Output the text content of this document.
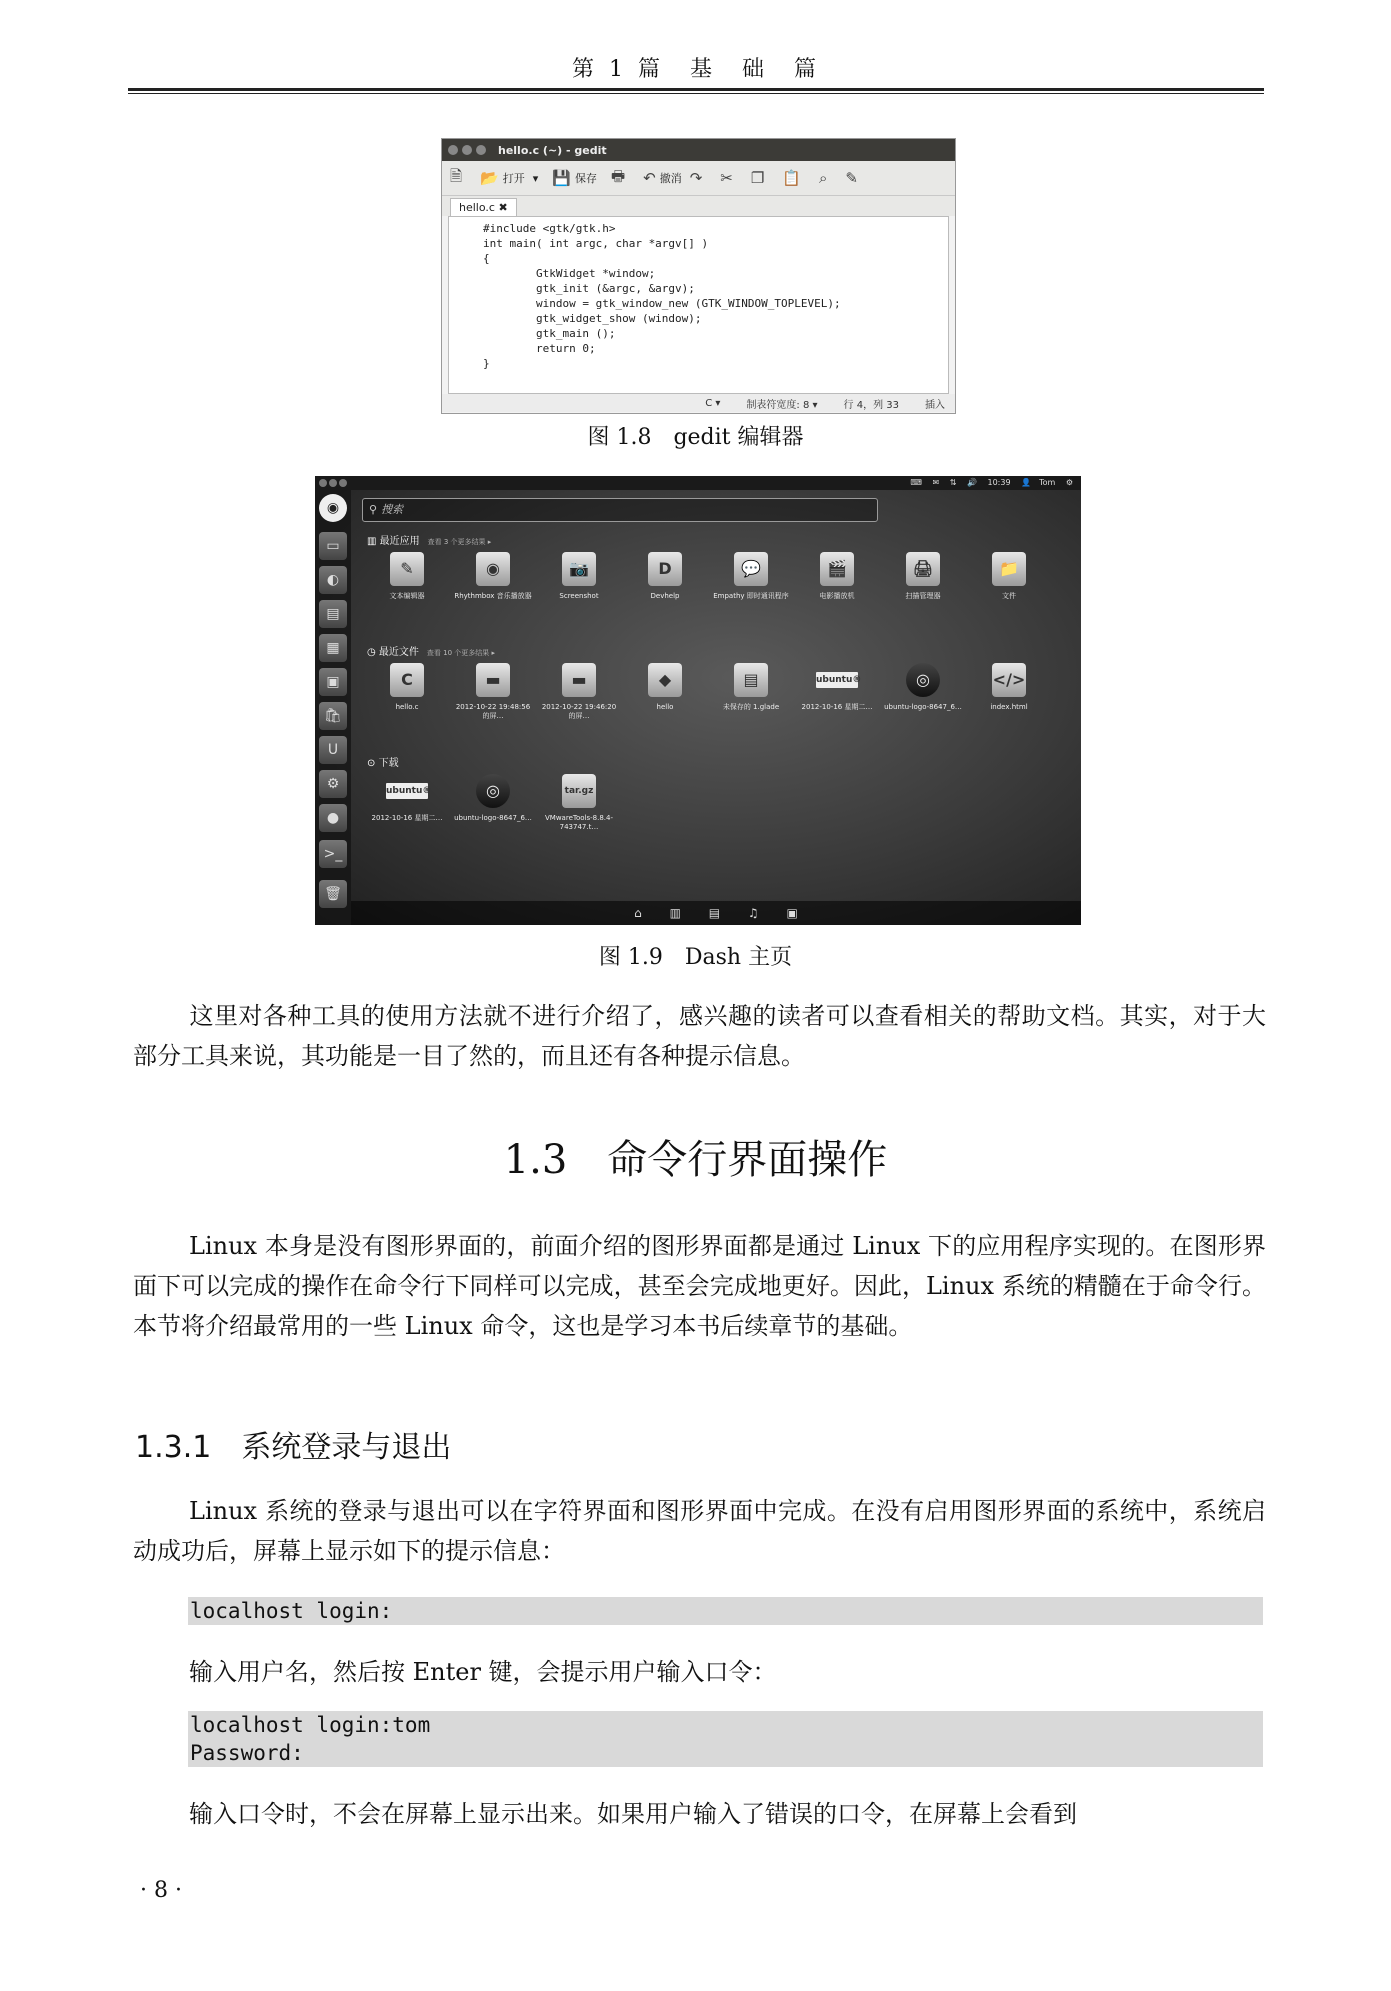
第 1 篇　基　础　篇
hello.c (~) - gedit
🗎 📂 打开 ▾ 💾 保存 🖶 ↶ 撤消 ↷ ✂ ❐ 📋 ⌕ ✎
hello.c ✖
#include <gtk/gtk.h>
int main( int argc, char *argv[] )
{
GtkWidget *window;
gtk_init (&argc, &argv);
window = gtk_window_new (GTK_WINDOW_TOPLEVEL);
gtk_widget_show (window);
gtk_main ();
return 0;
}
C ▾	制表符宽度: 8 ▾	行 4，列 33	插入
图 1.8　gedit 编辑器
⌨ ✉ ⇅ 🔊 10:39 👤 Tom ⚙
◉
▭
◐
▤
▦
▣
🛍
U
⚙
●
>_
🗑
⚲ 搜索
▥ 最近应用 查看 3 个更多结果 ▸
◷ 最近文件 查看 10 个更多结果 ▸
⊙ 下载
⌂ ▥ ▤ ♫ ▣
✎
文本编辑器
◉
Rhythmbox 音乐播放器
📷
Screenshot
D
Devhelp
💬
Empathy 即时通讯程序
🎬
电影播放机
🖨
扫描管理器
📁
文件
C
hello.c
▬
2012-10-22 19:48:56的屏…
▬
2012-10-22 19:46:20的屏…
◆
hello
▤
未保存的 1.glade
ubuntu®
2012-10-16 星期二…
◎
ubuntu-logo-8647_6…
</>
index.html
ubuntu®
2012-10-16 星期二…
◎
ubuntu-logo-8647_6…
tar.gz
VMwareTools-8.8.4-743747.t…
图 1.9　Dash 主页
这里对各种工具的使用方法就不进行介绍了，感兴趣的读者可以查看相关的帮助文档。其实，对于大部分工具来说，其功能是一目了然的，而且还有各种提示信息。
1.3　命令行界面操作
Linux 本身是没有图形界面的，前面介绍的图形界面都是通过 Linux 下的应用程序实现的。在图形界面下可以完成的操作在命令行下同样可以完成，甚至会完成地更好。因此，Linux 系统的精髓在于命令行。本节将介绍最常用的一些 Linux 命令，这也是学习本书后续章节的基础。
1.3.1　系统登录与退出
Linux 系统的登录与退出可以在字符界面和图形界面中完成。在没有启用图形界面的系统中，系统启动成功后，屏幕上显示如下的提示信息：
localhost login:
输入用户名，然后按 Enter 键，会提示用户输入口令：
localhost login:tom
Password:
输入口令时，不会在屏幕上显示出来。如果用户输入了错误的口令，在屏幕上会看到
· 8 ·
